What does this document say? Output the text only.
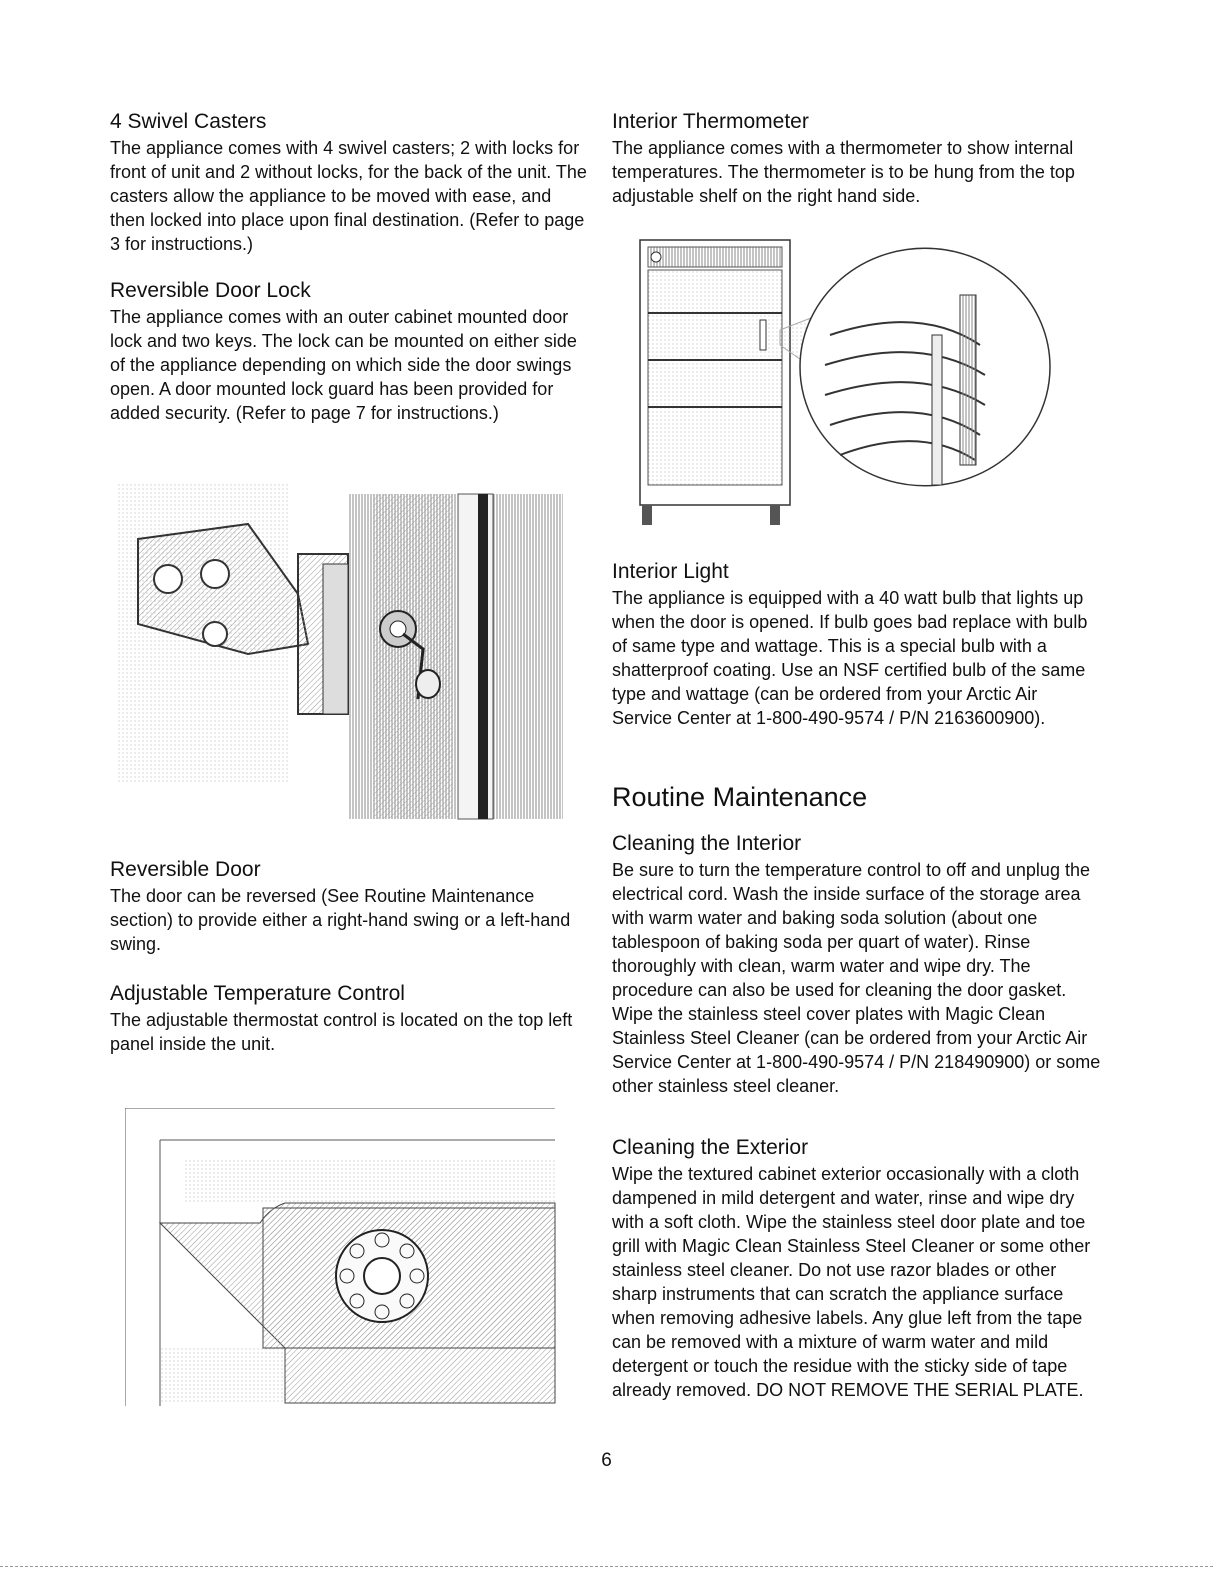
4 Swivel Casters

The appliance comes with 4 swivel casters; 2 with locks for front of unit and 2 without locks, for the back of the unit. The casters allow the appliance to be moved with ease, and then locked into place upon final destination. (Refer to page 3 for instructions.)

Reversible Door Lock

The appliance comes with an outer cabinet mounted door lock and two keys. The lock can be mounted on either side of the appliance depending on which side the door swings open. A door mounted lock guard has been provided for added security. (Refer to page 7 for instructions.)

Reversible Door

The door can be reversed (See Routine Maintenance section) to provide either a right-hand swing or a left-hand swing.

Adjustable Temperature Control

The adjustable thermostat control is located on the top left panel inside the unit.

Interior Thermometer

The appliance comes with a thermometer to show internal temperatures. The thermometer is to be hung from the top adjustable shelf on the right hand side.

Interior Light

The appliance is equipped with a 40 watt bulb that lights up when the door is opened. If bulb goes bad replace with bulb of same type and wattage. This is a special bulb with a shatterproof coating. Use an NSF certified bulb of the same type and wattage (can be ordered from your Arctic Air Service Center at 1-800-490-9574 / P/N 2163600900).

Routine Maintenance
Cleaning the Interior

Be sure to turn the temperature control to off and unplug the electrical cord. Wash the inside surface of the storage area with warm water and baking soda solution (about one tablespoon of baking soda per quart of water). Rinse thoroughly with clean, warm water and wipe dry. The procedure can also be used for cleaning the door gasket. Wipe the stainless steel cover plates with Magic Clean Stainless Steel Cleaner (can be ordered from your Arctic Air Service Center at 1-800-490-9574 / P/N 218490900) or some other stainless steel cleaner.

Cleaning the Exterior

Wipe the textured cabinet exterior occasionally with a cloth dampened in mild detergent and water, rinse and wipe dry with a soft cloth. Wipe the stainless steel door plate and toe grill with Magic Clean Stainless Steel Cleaner or some other stainless steel cleaner. Do not use razor blades or other sharp instruments that can scratch the appliance surface when removing adhesive labels. Any glue left from the tape can be removed with a mixture of warm water and mild detergent or touch the residue with the sticky side of tape already removed. DO NOT REMOVE THE SERIAL PLATE.

6
